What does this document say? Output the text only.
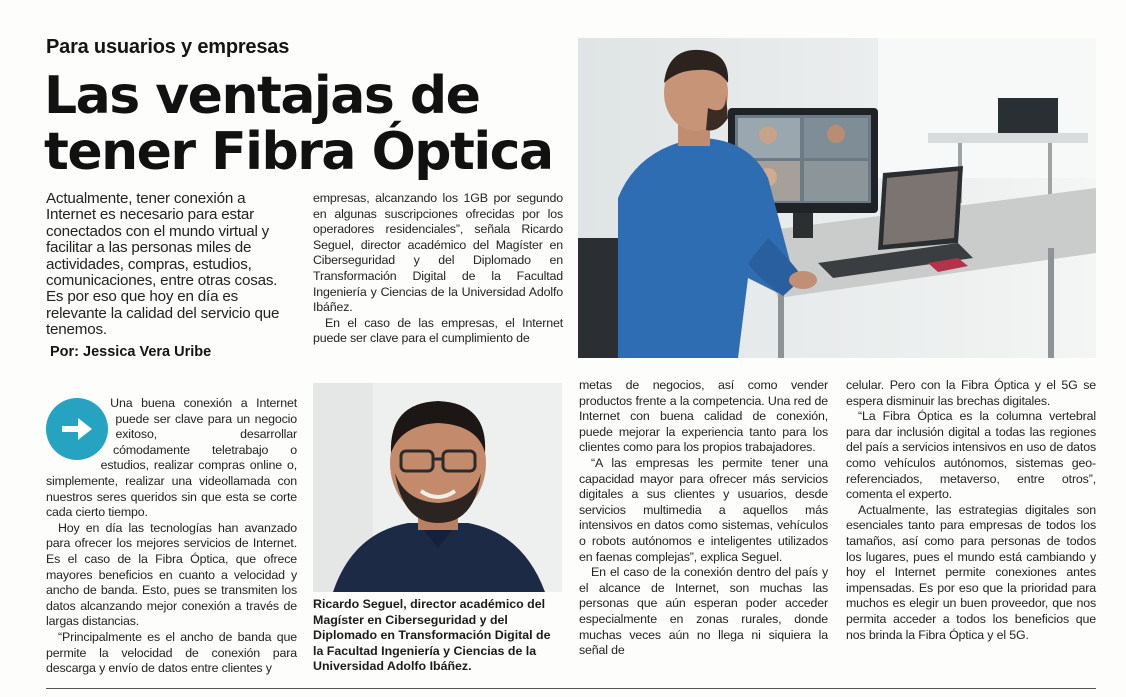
Para usuarios y empresas
Las ventajas de
tener Fibra Óptica
Actualmente, tener conexión a Internet es necesario para estar conectados con el mundo virtual y facilitar a las personas miles de actividades, compras, estudios, comunicaciones, entre otras cosas. Es por eso que hoy en día es relevante la calidad del servicio que tenemos.
Por: Jessica Vera Uribe

empresas, alcanzando los 1GB por segundo en algunas suscripciones ofrecidas por los operadores residenciales”, señala Ricardo Seguel, director académico del Magíster en Ciberseguridad y del Diplomado en Transformación Digital de la Facultad Ingeniería y Ciencias de la Universidad Adolfo Ibáñez.

En el caso de las empresas, el Internet puede ser clave para el cumplimiento de

Una buena conexión a Internet puede ser clave para un negocio exitoso, desarrollar cómodamente teletrabajo o estudios, realizar compras online o, simplemente, realizar una videollamada con nuestros seres queridos sin que esta se corte cada cierto tiempo.

Hoy en día las tecnologías han avanzado para ofrecer los mejores servicios de Internet. Es el caso de la Fibra Óptica, que ofrece mayores beneficios en cuanto a velocidad y ancho de banda. Esto, pues se transmiten los datos alcanzando mejor conexión a través de largas distancias.

“Principalmente es el ancho de banda que permite la velocidad de conexión para descarga y envío de datos entre clientes y

Ricardo Seguel, director académico del Magíster en Ciberseguridad y del Diplomado en Transformación Digital de la Facultad Ingeniería y Ciencias de la Universidad Adolfo Ibáñez.

metas de negocios, así como vender productos frente a la competencia. Una red de Internet con buena calidad de conexión, puede mejorar la experiencia tanto para los clientes como para los propios trabajadores.

“A las empresas les permite tener una capacidad mayor para ofrecer más servicios digitales a sus clientes y usuarios, desde servicios multimedia a aquellos más intensivos en datos como sistemas, vehículos o robots autónomos e inteligentes utilizados en faenas complejas”, explica Seguel.

En el caso de la conexión dentro del país y el alcance de Internet, son muchas las personas que aún esperan poder acceder especialmente en zonas rurales, donde muchas veces aún no llega ni siquiera la señal de

celular. Pero con la Fibra Óptica y el 5G se espera disminuir las brechas digitales.

“La Fibra Óptica es la columna vertebral para dar inclusión digital a todas las regiones del país a servicios intensivos en uso de datos como vehículos autónomos, sistemas geo-referenciados, metaverso, entre otros”, comenta el experto.

Actualmente, las estrategias digitales son esenciales tanto para empresas de todos los tamaños, así como para personas de todos los lugares, pues el mundo está cambiando y hoy el Internet permite conexiones antes impensadas. Es por eso que la prioridad para muchos es elegir un buen proveedor, que nos permita acceder a todos los beneficios que nos brinda la Fibra Óptica y el 5G.
